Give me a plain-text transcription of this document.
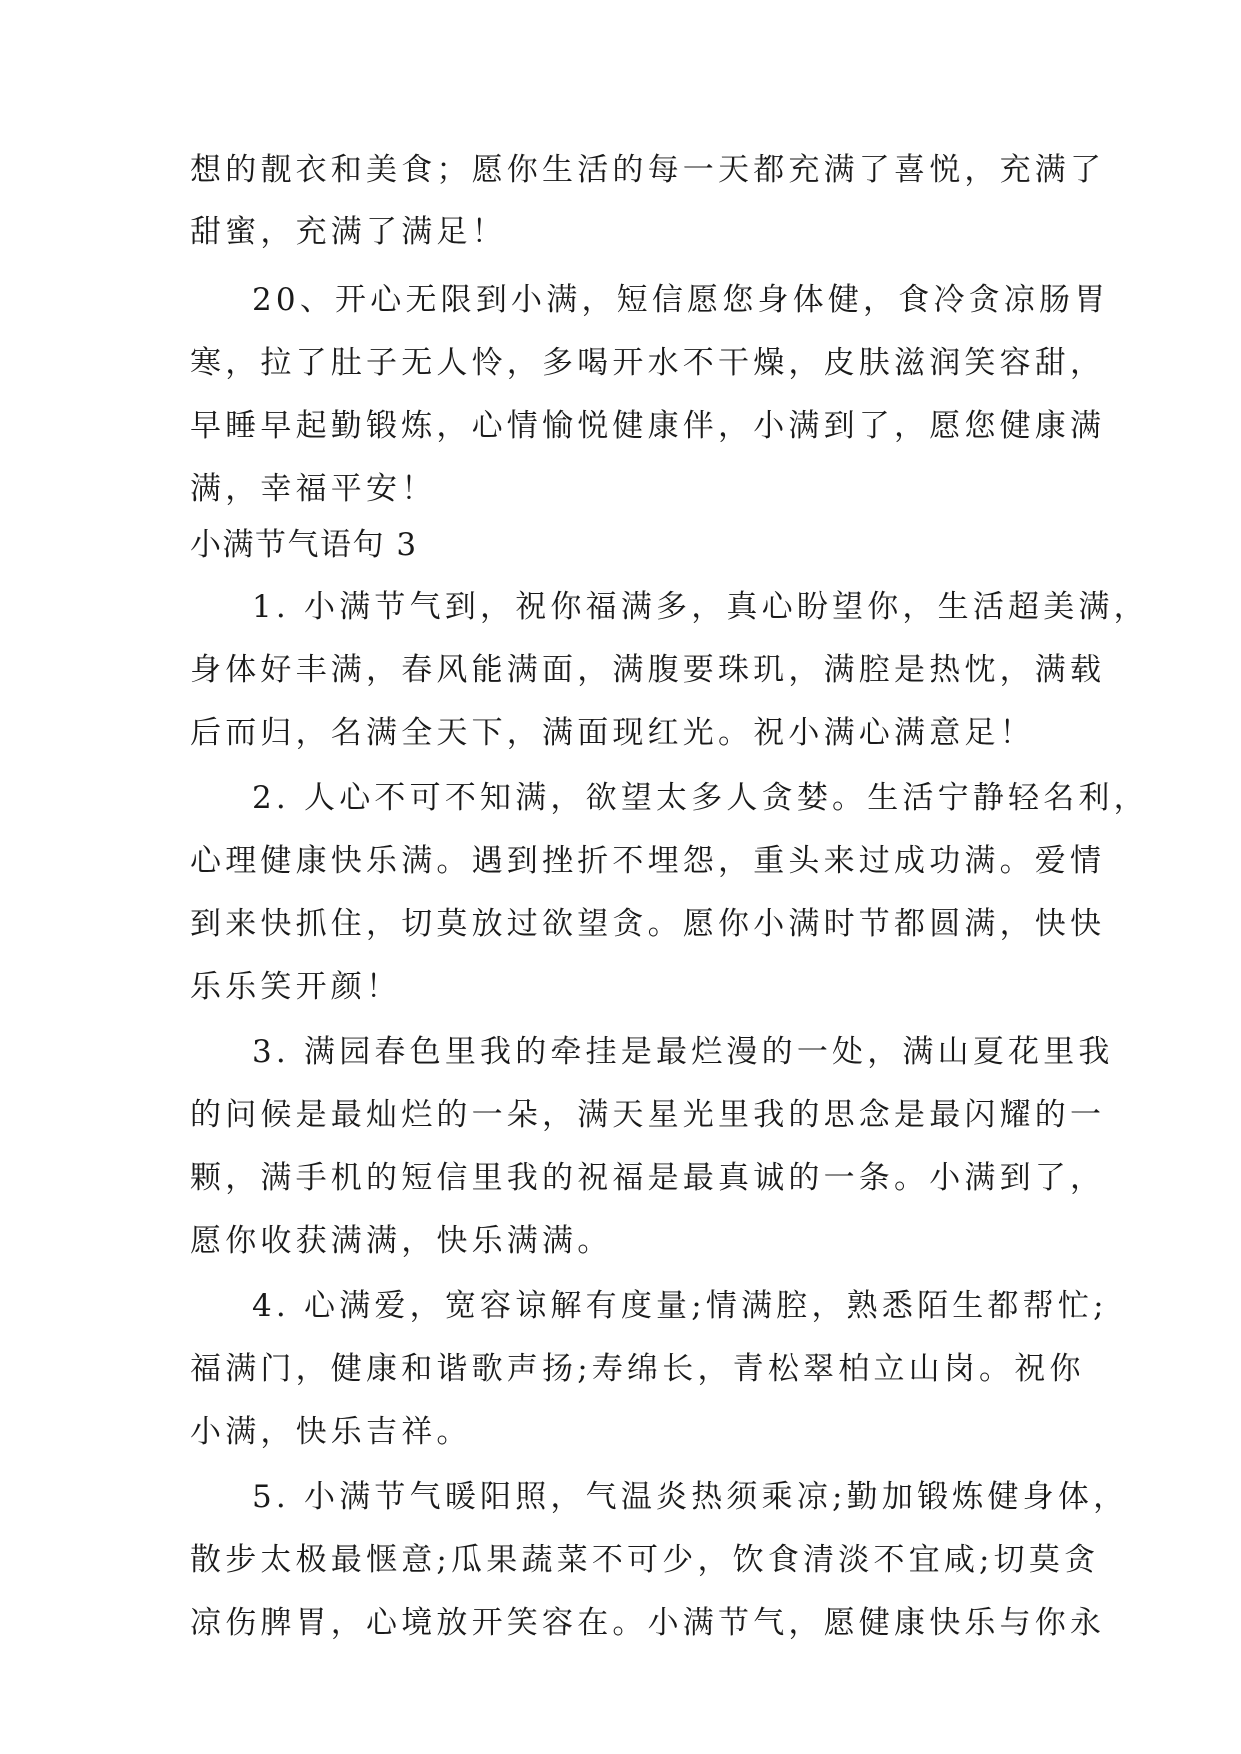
想的靓衣和美食；愿你生活的每一天都充满了喜悦，充满了
甜蜜，充满了满足！
20、开心无限到小满，短信愿您身体健，食冷贪凉肠胃
寒，拉了肚子无人怜，多喝开水不干燥，皮肤滋润笑容甜，
早睡早起勤锻炼，心情愉悦健康伴，小满到了，愿您健康满
满，幸福平安！
小满节气语句 3
1. 小满节气到，祝你福满多，真心盼望你，生活超美满，
身体好丰满，春风能满面，满腹要珠玑，满腔是热忱，满载
后而归，名满全天下，满面现红光。祝小满心满意足！
2. 人心不可不知满，欲望太多人贪婪。生活宁静轻名利，
心理健康快乐满。遇到挫折不埋怨，重头来过成功满。爱情
到来快抓住，切莫放过欲望贪。愿你小满时节都圆满，快快
乐乐笑开颜！
3. 满园春色里我的牵挂是最烂漫的一处，满山夏花里我
的问候是最灿烂的一朵，满天星光里我的思念是最闪耀的一
颗，满手机的短信里我的祝福是最真诚的一条。小满到了，
愿你收获满满，快乐满满。
4. 心满爱，宽容谅解有度量;情满腔，熟悉陌生都帮忙;
福满门，健康和谐歌声扬;寿绵长，青松翠柏立山岗。祝你
小满，快乐吉祥。
5. 小满节气暖阳照，气温炎热须乘凉;勤加锻炼健身体，
散步太极最惬意;瓜果蔬菜不可少，饮食清淡不宜咸;切莫贪
凉伤脾胃，心境放开笑容在。小满节气，愿健康快乐与你永
